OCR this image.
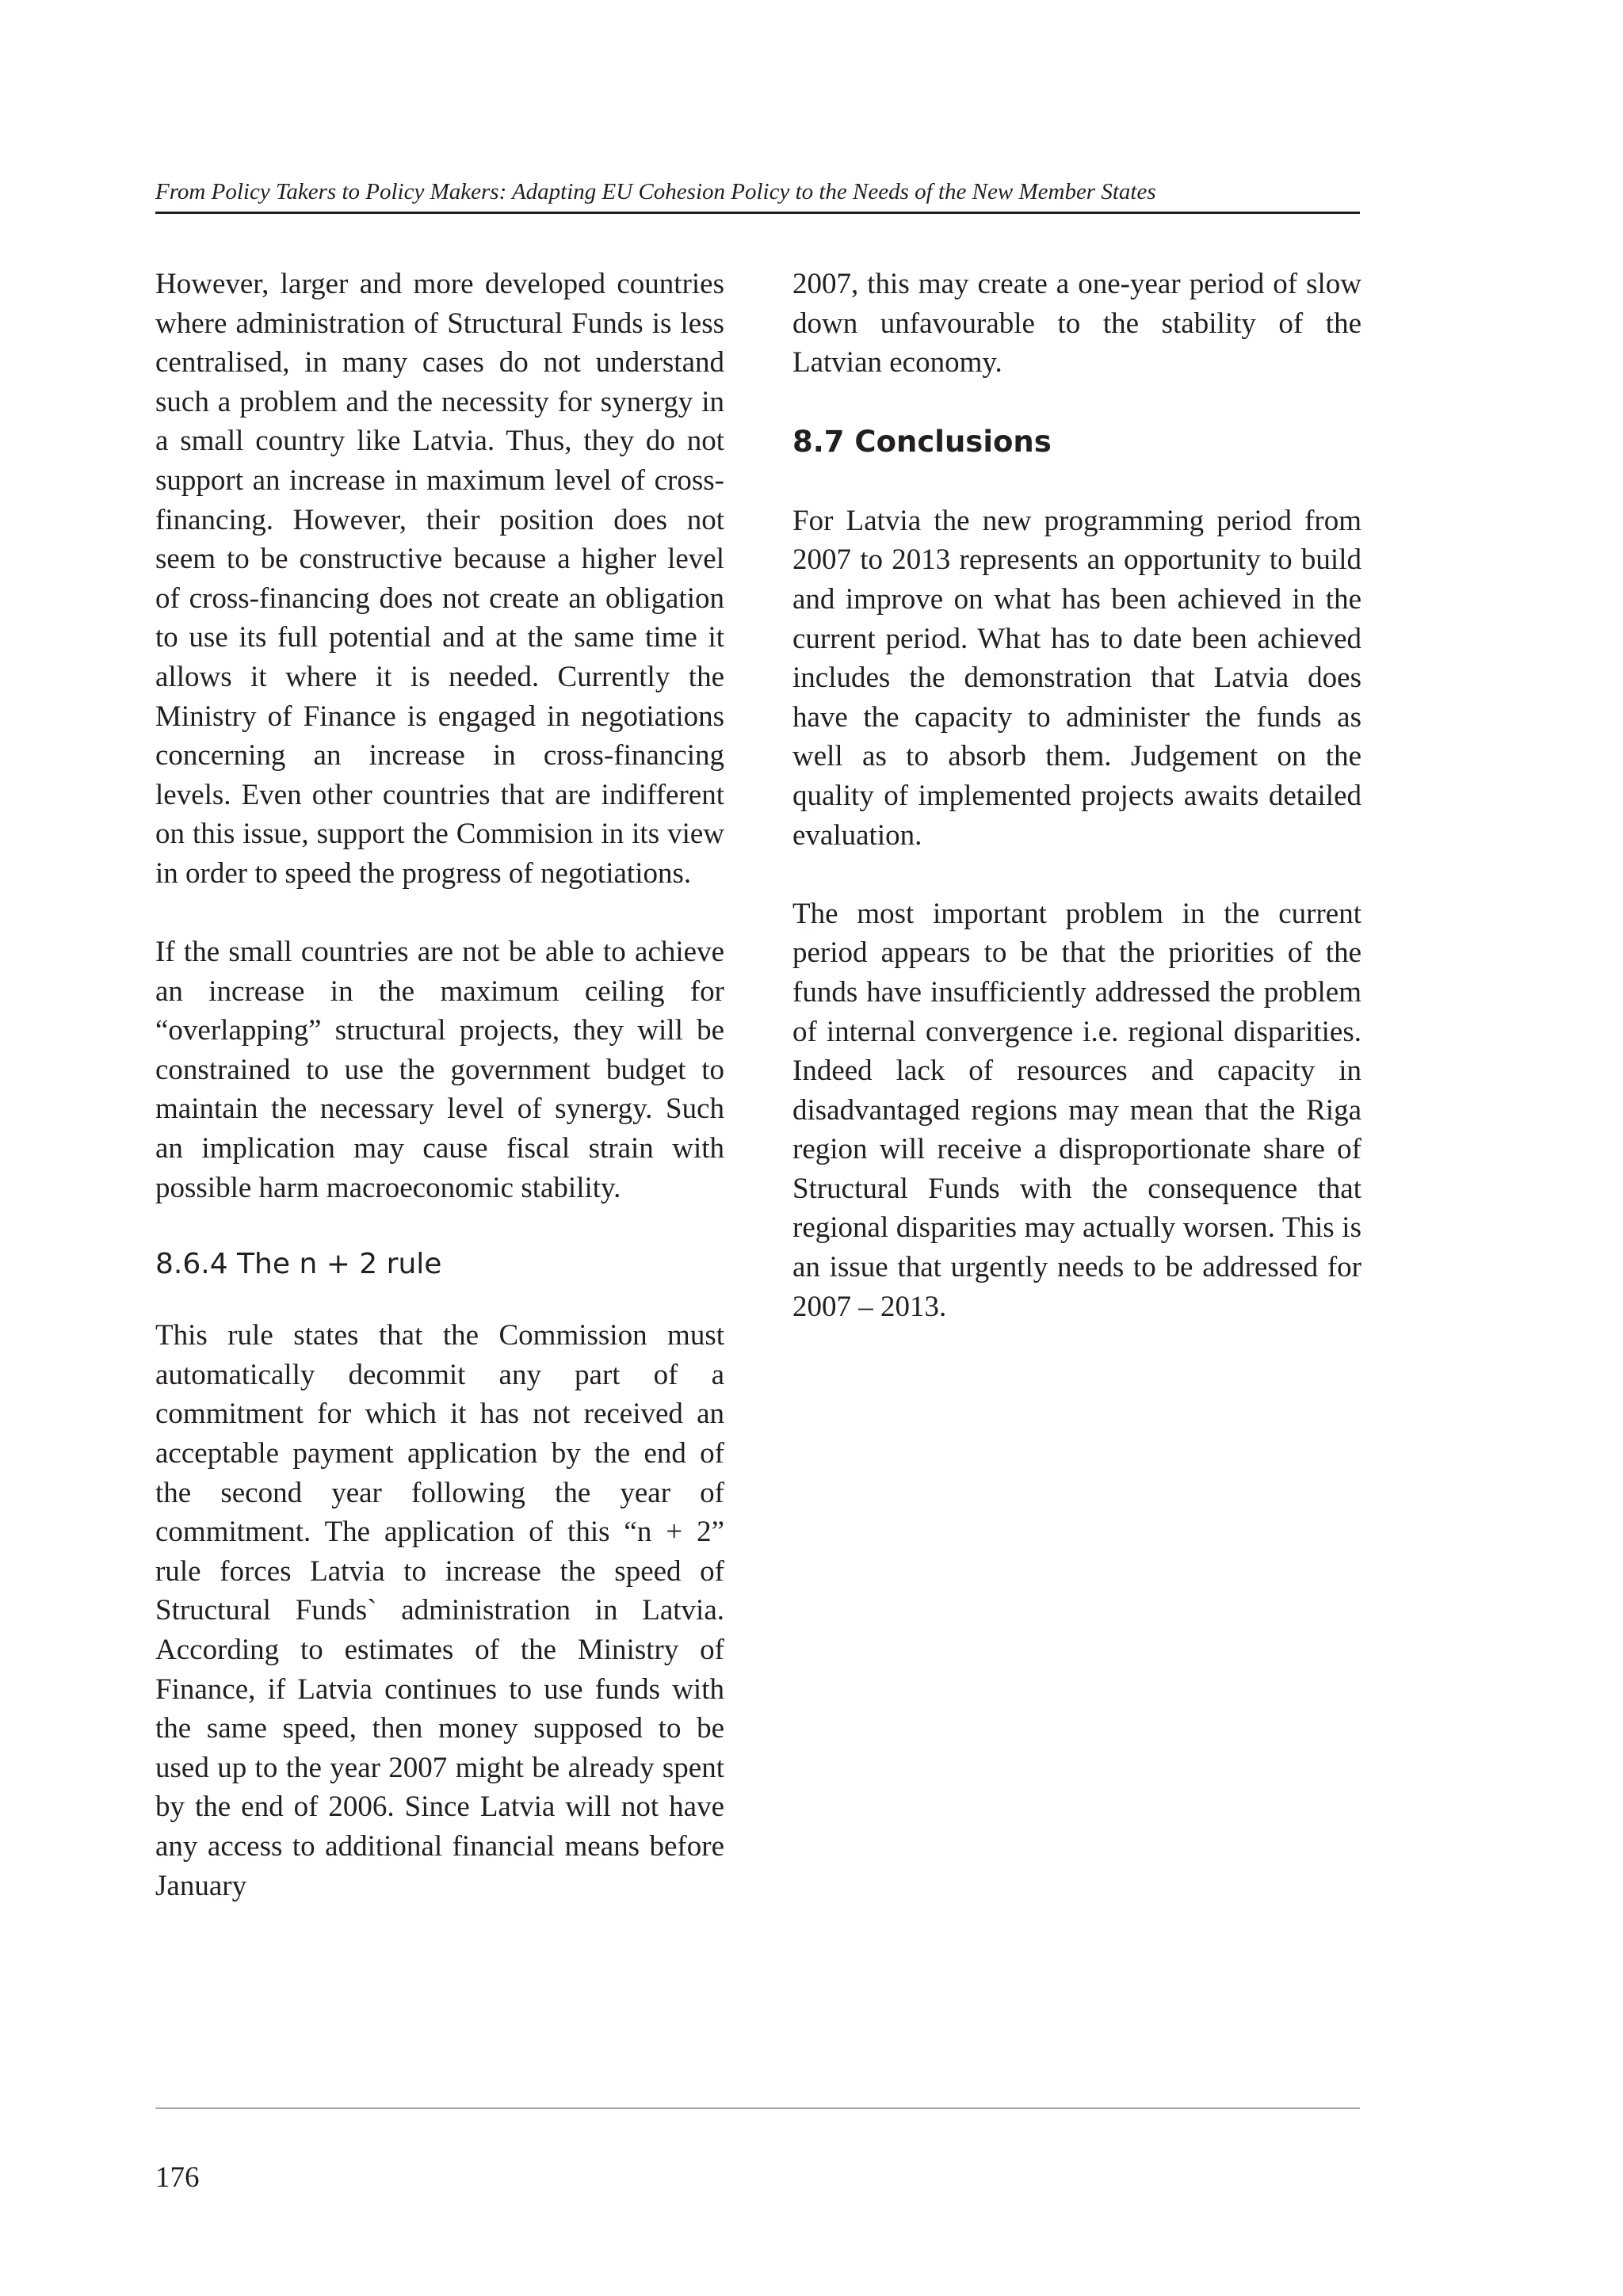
From Policy Takers to Policy Makers: Adapting EU Cohesion Policy to the Needs of the New Member States

However, larger and more developed countries where administration of Structural Funds is less centralised, in many cases do not understand such a problem and the necessity for synergy in a small country like Latvia. Thus, they do not support an increase in maximum level of cross- financing. However, their position does not seem to be constructive because a higher level of cross-financing does not create an obligation to use its full potential and at the same time it allows it where it is needed. Currently the Ministry of Finance is engaged in negotiations concerning an increase in cross-financing levels. Even other countries that are indifferent on this issue, support the Commision in its view in order to speed the progress of negotiations.

If the small countries are not be able to achieve an increase in the maximum ceiling for “overlapping” structural projects, they will be constrained to use the government budget to maintain the necessary level of synergy. Such an implication may cause fiscal strain with possible harm macroeconomic stability.

8.6.4 The n + 2 rule

This rule states that the Commission must automatically decommit any part of a commitment for which it has not received an acceptable payment application by the end of the second year following the year of commitment. The application of this “n + 2” rule forces Latvia to increase the speed of Structural Funds` administration in Latvia. According to estimates of the Ministry of Finance, if Latvia continues to use funds with the same speed, then money supposed to be used up to the year 2007 might be already spent by the end of 2006. Since Latvia will not have any access to additional financial means before January

2007, this may create a one-year period of slow down unfavourable to the stability of the Latvian economy.

8.7 Conclusions

For Latvia the new programming period from 2007 to 2013 represents an opportunity to build and improve on what has been achieved in the current period. What has to date been achieved includes the demonstration that Latvia does have the capacity to administer the funds as well as to absorb them. Judgement on the quality of implemented projects awaits detailed evaluation.

The most important problem in the current period appears to be that the priorities of the funds have insufficiently addressed the problem of internal convergence i.e. regional disparities. Indeed lack of resources and capacity in disadvantaged regions may mean that the Riga region will receive a disproportionate share of Structural Funds with the consequence that regional disparities may actually worsen. This is an issue that urgently needs to be addressed for 2007 – 2013.

176
